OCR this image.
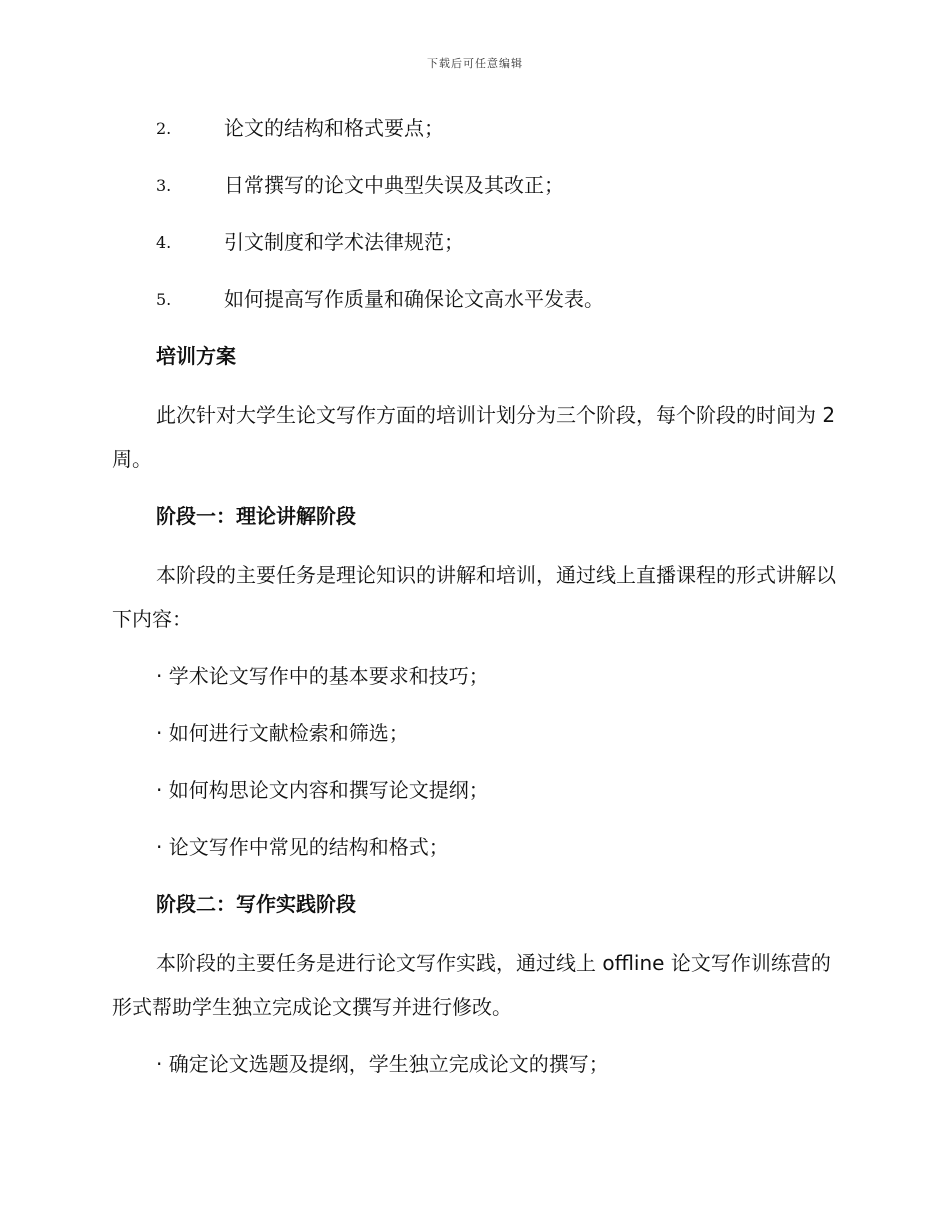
下载后可任意编辑
2.	论文的结构和格式要点；
3.	日常撰写的论文中典型失误及其改正；
4.	引文制度和学术法律规范；
5.	如何提高写作质量和确保论文高水平发表。
培训方案
此次针对大学生论文写作方面的培训计划分为三个阶段，每个阶段的时间为 2 周。
阶段一：理论讲解阶段
本阶段的主要任务是理论知识的讲解和培训，通过线上直播课程的形式讲解以下内容：
· 学术论文写作中的基本要求和技巧；
· 如何进行文献检索和筛选；
· 如何构思论文内容和撰写论文提纲；
· 论文写作中常见的结构和格式；
阶段二：写作实践阶段
本阶段的主要任务是进行论文写作实践，通过线上 offline 论文写作训练营的形式帮助学生独立完成论文撰写并进行修改。
· 确定论文选题及提纲，学生独立完成论文的撰写；
